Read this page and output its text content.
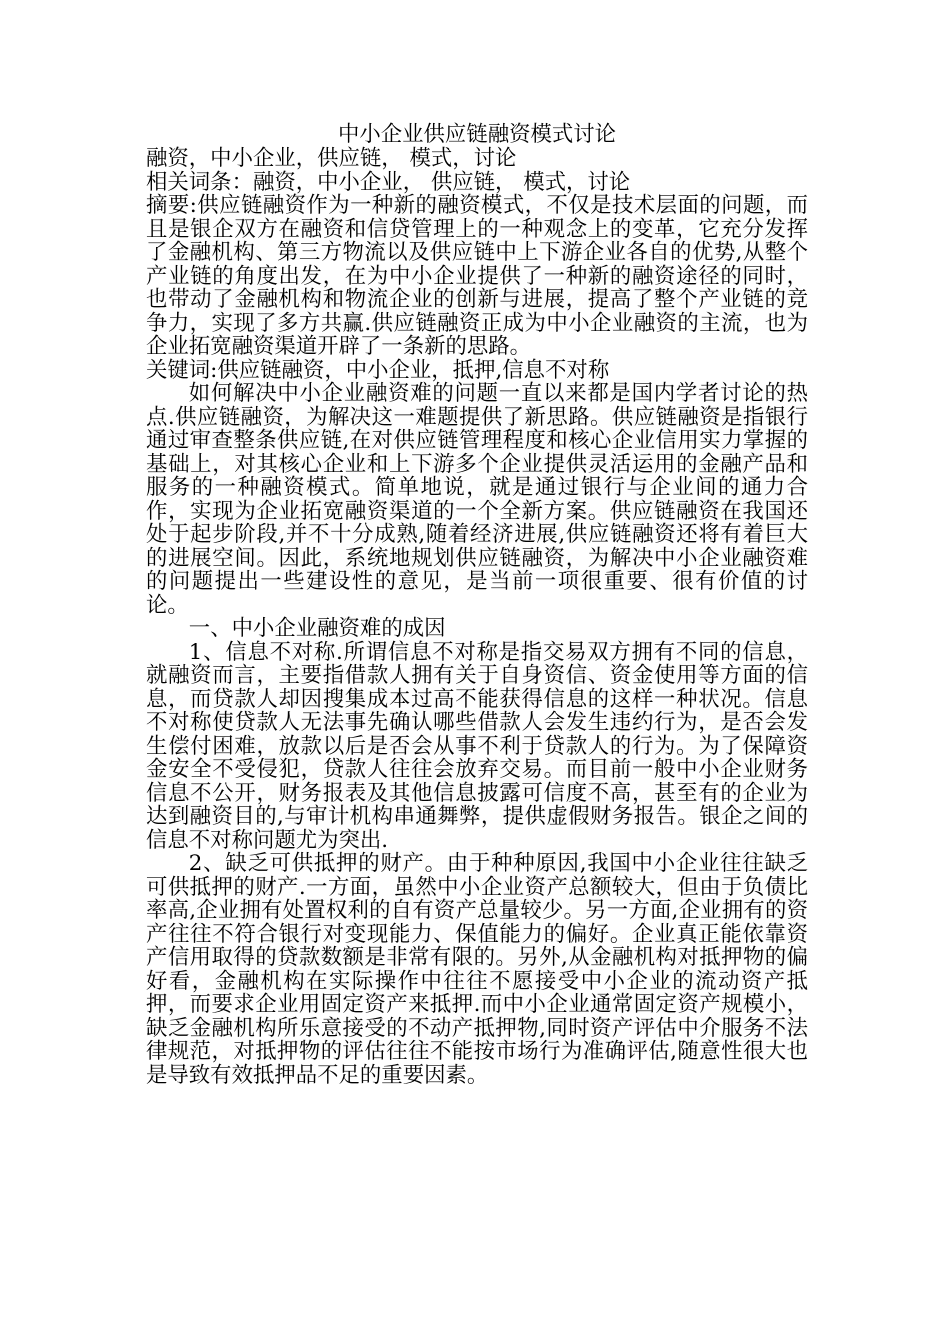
中小企业供应链融资模式讨论

融资，中小企业，供应链， 模式，讨论

相关词条：融资，中小企业， 供应链， 模式，讨论

摘要:供应链融资作为一种新的融资模式，不仅是技术层面的问题，而且是银企双方在融资和信贷管理上的一种观念上的变革，它充分发挥了金融机构、第三方物流以及供应链中上下游企业各自的优势,从整个产业链的角度出发，在为中小企业提供了一种新的融资途径的同时，也带动了金融机构和物流企业的创新与进展，提高了整个产业链的竞争力，实现了多方共赢.供应链融资正成为中小企业融资的主流，也为企业拓宽融资渠道开辟了一条新的思路。

关键词:供应链融资，中小企业，抵押,信息不对称

如何解决中小企业融资难的问题一直以来都是国内学者讨论的热点.供应链融资，为解决这一难题提供了新思路。供应链融资是指银行通过审查整条供应链,在对供应链管理程度和核心企业信用实力掌握的基础上，对其核心企业和上下游多个企业提供灵活运用的金融产品和服务的一种融资模式。简单地说，就是通过银行与企业间的通力合作，实现为企业拓宽融资渠道的一个全新方案。供应链融资在我国还处于起步阶段,并不十分成熟,随着经济进展,供应链融资还将有着巨大的进展空间。因此，系统地规划供应链融资，为解决中小企业融资难的问题提出一些建设性的意见，是当前一项很重要、很有价值的讨论。

一、中小企业融资难的成因

1、信息不对称.所谓信息不对称是指交易双方拥有不同的信息，就融资而言，主要指借款人拥有关于自身资信、资金使用等方面的信息，而贷款人却因搜集成本过高不能获得信息的这样一种状况。信息不对称使贷款人无法事先确认哪些借款人会发生违约行为，是否会发生偿付困难，放款以后是否会从事不利于贷款人的行为。为了保障资金安全不受侵犯，贷款人往往会放弃交易。而目前一般中小企业财务信息不公开，财务报表及其他信息披露可信度不高，甚至有的企业为达到融资目的,与审计机构串通舞弊，提供虚假财务报告。银企之间的信息不对称问题尤为突出.

2、缺乏可供抵押的财产。由于种种原因,我国中小企业往往缺乏可供抵押的财产.一方面，虽然中小企业资产总额较大，但由于负债比率高,企业拥有处置权利的自有资产总量较少。另一方面,企业拥有的资产往往不符合银行对变现能力、保值能力的偏好。企业真正能依靠资产信用取得的贷款数额是非常有限的。另外,从金融机构对抵押物的偏好看，金融机构在实际操作中往往不愿接受中小企业的流动资产抵押，而要求企业用固定资产来抵押.而中小企业通常固定资产规模小，缺乏金融机构所乐意接受的不动产抵押物,同时资产评估中介服务不法律规范，对抵押物的评估往往不能按市场行为准确评估,随意性很大也是导致有效抵押品不足的重要因素。
